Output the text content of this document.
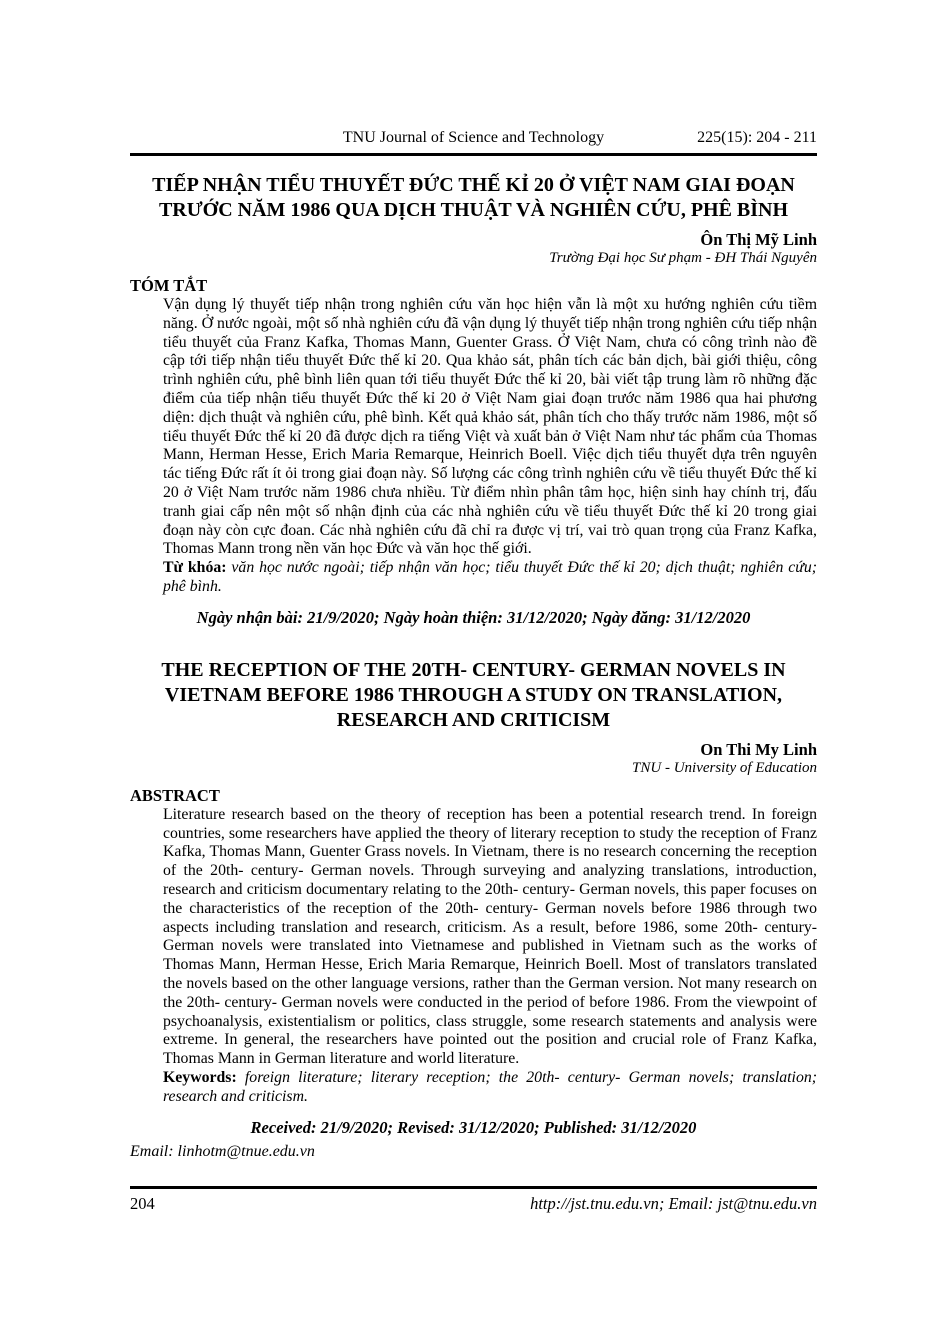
TNU Journal of Science and Technology	225(15): 204 - 211
TIẾP NHẬN TIỂU THUYẾT ĐỨC THẾ KỈ 20 Ở VIỆT NAM GIAI ĐOẠN
TRƯỚC NĂM 1986 QUA DỊCH THUẬT VÀ NGHIÊN CỨU, PHÊ BÌNH
Ôn Thị Mỹ Linh
Trường Đại học Sư phạm - ĐH Thái Nguyên
TÓM TẮT

Vận dụng lý thuyết tiếp nhận trong nghiên cứu văn học hiện vẫn là một xu hướng nghiên cứu tiềm năng. Ở nước ngoài, một số nhà nghiên cứu đã vận dụng lý thuyết tiếp nhận trong nghiên cứu tiếp nhận tiểu thuyết của Franz Kafka, Thomas Mann, Guenter Grass. Ở Việt Nam, chưa có công trình nào đề cập tới tiếp nhận tiểu thuyết Đức thế kỉ 20. Qua khảo sát, phân tích các bản dịch, bài giới thiệu, công trình nghiên cứu, phê bình liên quan tới tiểu thuyết Đức thế kỉ 20, bài viết tập trung làm rõ những đặc điểm của tiếp nhận tiểu thuyết Đức thế kỉ 20 ở Việt Nam giai đoạn trước năm 1986 qua hai phương diện: dịch thuật và nghiên cứu, phê bình. Kết quả khảo sát, phân tích cho thấy trước năm 1986, một số tiểu thuyết Đức thế kỉ 20 đã được dịch ra tiếng Việt và xuất bản ở Việt Nam như tác phẩm của Thomas Mann, Herman Hesse, Erich Maria Remarque, Heinrich Boell. Việc dịch tiểu thuyết dựa trên nguyên tác tiếng Đức rất ít ỏi trong giai đoạn này. Số lượng các công trình nghiên cứu về tiểu thuyết Đức thế kỉ 20 ở Việt Nam trước năm 1986 chưa nhiều. Từ điểm nhìn phân tâm học, hiện sinh hay chính trị, đấu tranh giai cấp nên một số nhận định của các nhà nghiên cứu về tiểu thuyết Đức thế kỉ 20 trong giai đoạn này còn cực đoan. Các nhà nghiên cứu đã chỉ ra được vị trí, vai trò quan trọng của Franz Kafka, Thomas Mann trong nền văn học Đức và văn học thế giới.

Từ khóa: văn học nước ngoài; tiếp nhận văn học; tiểu thuyết Đức thế kỉ 20; dịch thuật; nghiên cứu; phê bình.

Ngày nhận bài: 21/9/2020; Ngày hoàn thiện: 31/12/2020; Ngày đăng: 31/12/2020
THE RECEPTION OF THE 20TH- CENTURY- GERMAN NOVELS IN
VIETNAM BEFORE 1986 THROUGH A STUDY ON TRANSLATION,
RESEARCH AND CRITICISM
On Thi My Linh
TNU - University of Education
ABSTRACT

Literature research based on the theory of reception has been a potential research trend. In foreign countries, some researchers have applied the theory of literary reception to study the reception of Franz Kafka, Thomas Mann, Guenter Grass novels. In Vietnam, there is no research concerning the reception of the 20th- century- German novels. Through surveying and analyzing translations, introduction, research and criticism documentary relating to the 20th- century- German novels, this paper focuses on the characteristics of the reception of the 20th- century- German novels before 1986 through two aspects including translation and research, criticism. As a result, before 1986, some 20th- century- German novels were translated into Vietnamese and published in Vietnam such as the works of Thomas Mann, Herman Hesse, Erich Maria Remarque, Heinrich Boell. Most of translators translated the novels based on the other language versions, rather than the German version. Not many research on the 20th- century- German novels were conducted in the period of before 1986. From the viewpoint of psychoanalysis, existentialism or politics, class struggle, some research statements and analysis were extreme. In general, the researchers have pointed out the position and crucial role of Franz Kafka, Thomas Mann in German literature and world literature.

Keywords: foreign literature; literary reception; the 20th- century- German novels; translation; research and criticism.

Received: 21/9/2020; Revised: 31/12/2020; Published: 31/12/2020
Email: linhotm@tnue.edu.vn
204	http://jst.tnu.edu.vn; Email: jst@tnu.edu.vn
